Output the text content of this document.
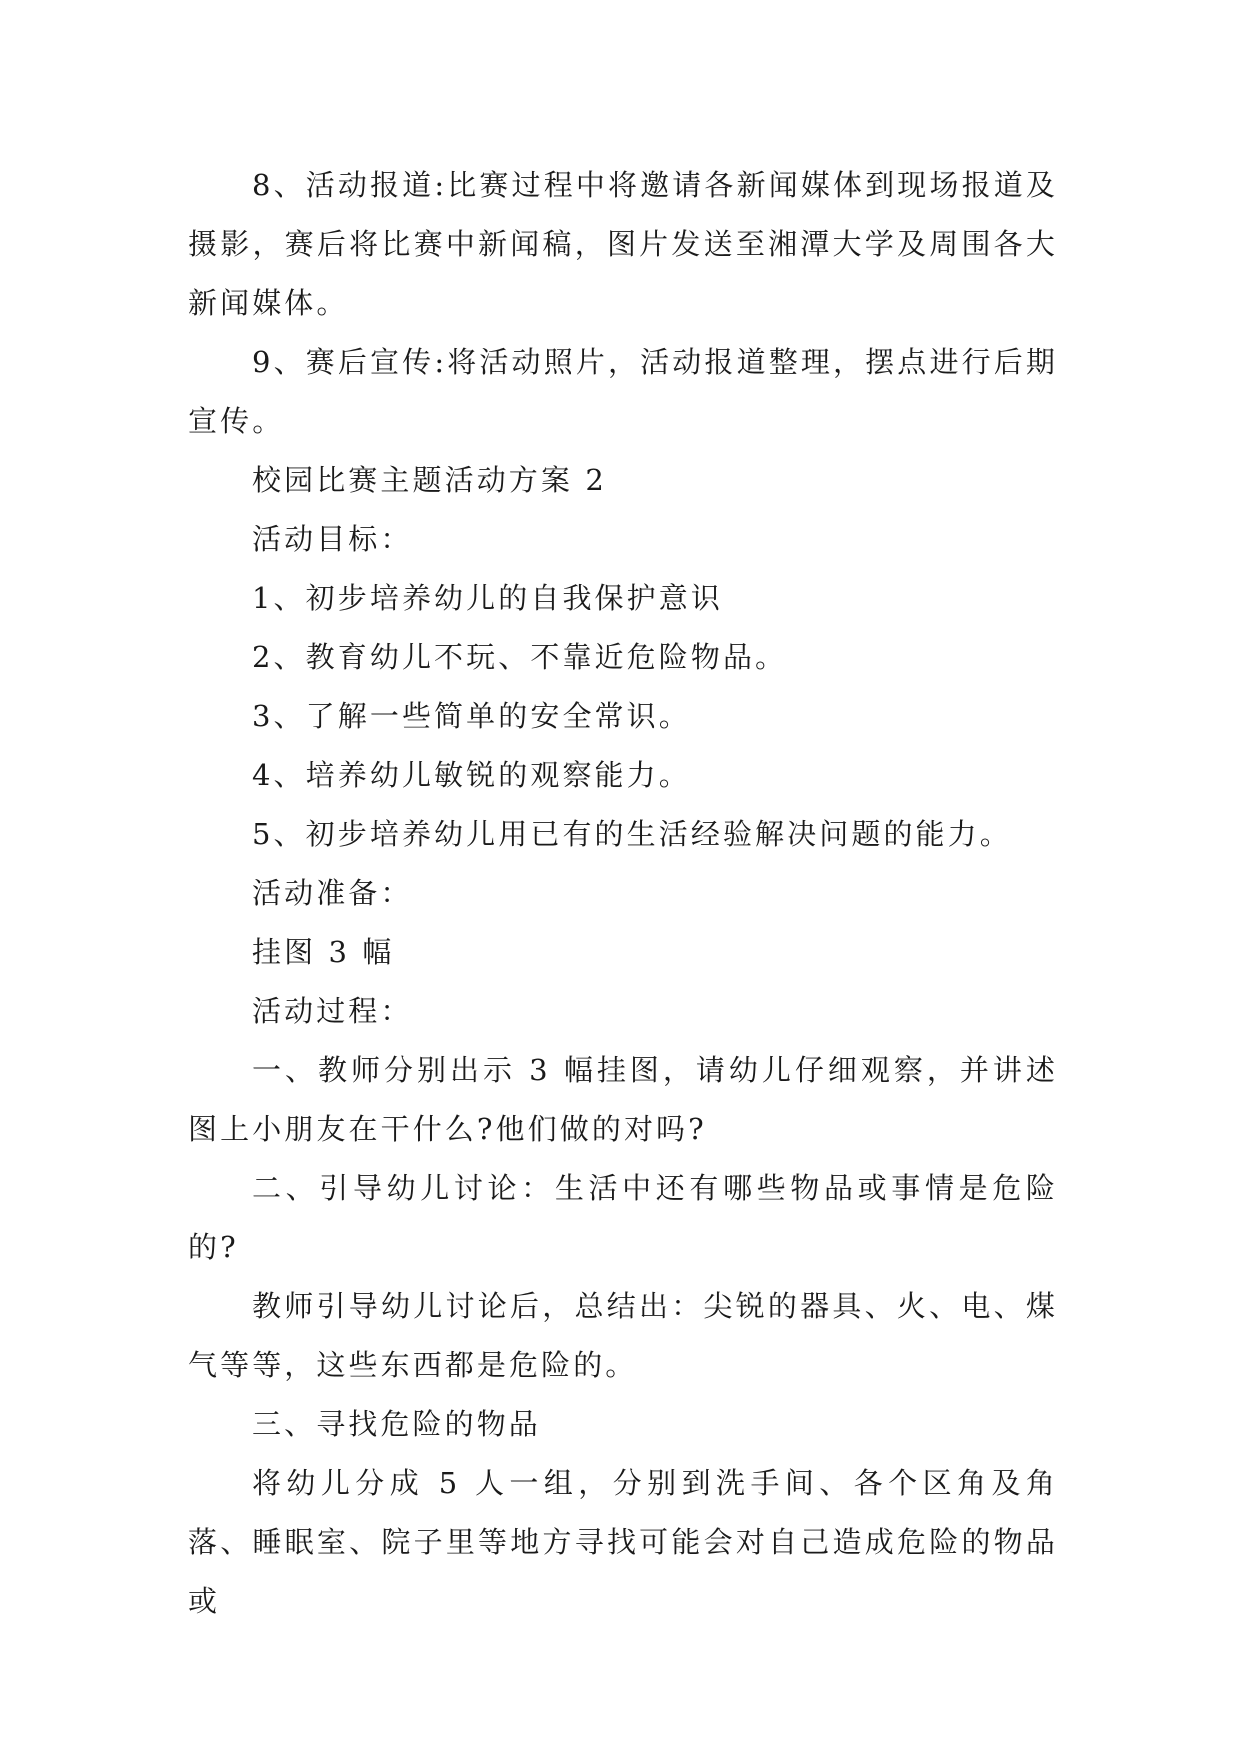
8、活动报道:比赛过程中将邀请各新闻媒体到现场报道及摄影，赛后将比赛中新闻稿，图片发送至湘潭大学及周围各大新闻媒体。

9、赛后宣传:将活动照片，活动报道整理，摆点进行后期宣传。

校园比赛主题活动方案 2

活动目标：

1、初步培养幼儿的自我保护意识

2、教育幼儿不玩、不靠近危险物品。

3、了解一些简单的安全常识。

4、培养幼儿敏锐的观察能力。

5、初步培养幼儿用已有的生活经验解决问题的能力。

活动准备：

挂图 3 幅

活动过程：

一、教师分别出示 3 幅挂图，请幼儿仔细观察，并讲述图上小朋友在干什么?他们做的对吗?

二、引导幼儿讨论：生活中还有哪些物品或事情是危险的?

教师引导幼儿讨论后，总结出：尖锐的器具、火、电、煤气等等，这些东西都是危险的。

三、寻找危险的物品

将幼儿分成 5 人一组，分别到洗手间、各个区角及角落、睡眠室、院子里等地方寻找可能会对自己造成危险的物品或
